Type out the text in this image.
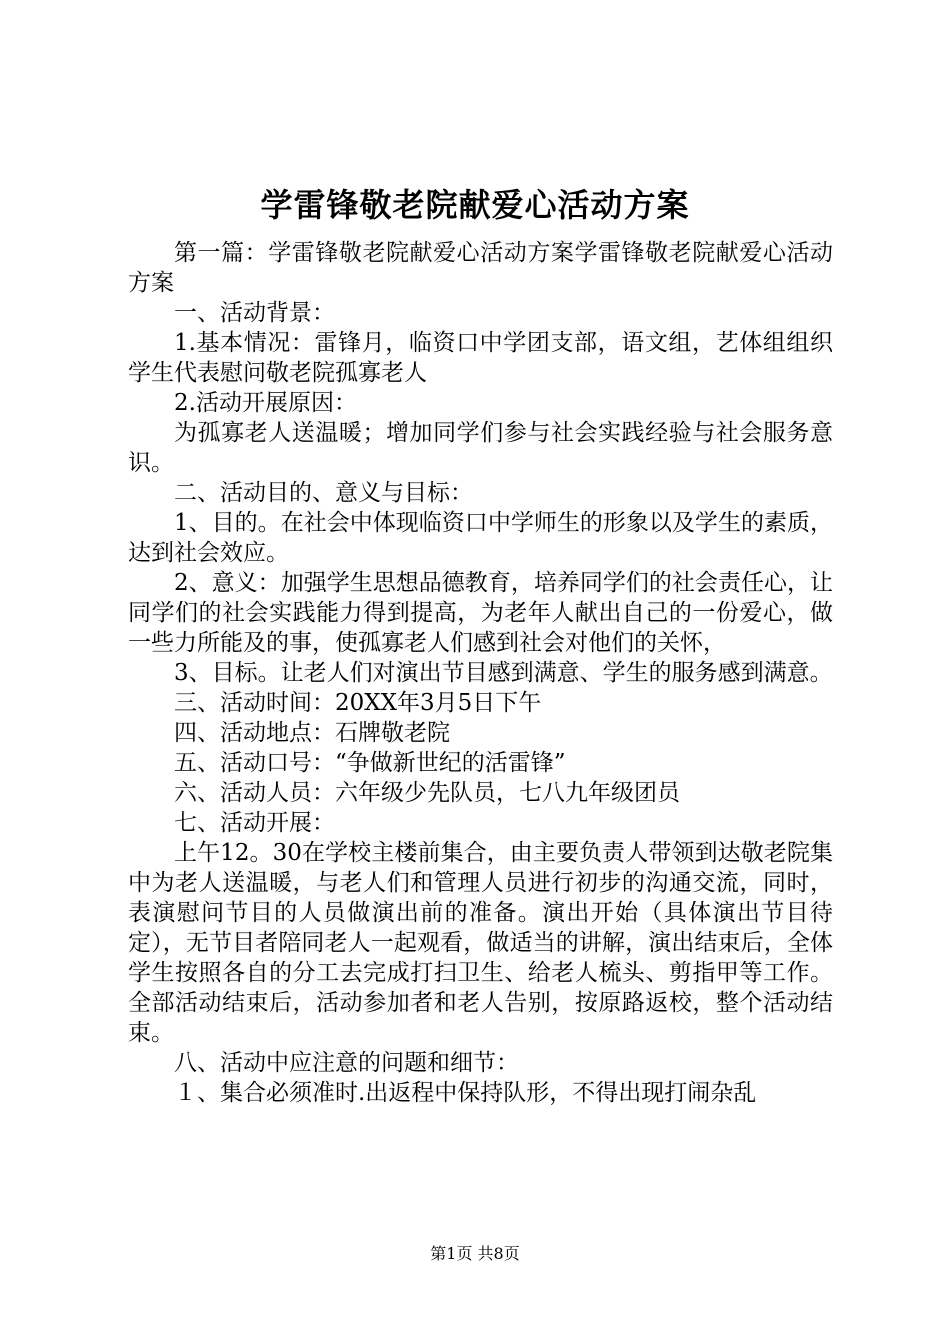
学雷锋敬老院献爱心活动方案

第一篇：学雷锋敬老院献爱心活动方案学雷锋敬老院献爱心活动方案

一、活动背景：

1.基本情况：雷锋月，临资口中学团支部，语文组，艺体组组织学生代表慰问敬老院孤寡老人

2.活动开展原因：

为孤寡老人送温暖；增加同学们参与社会实践经验与社会服务意识。

二、活动目的、意义与目标：

1、目的。在社会中体现临资口中学师生的形象以及学生的素质，达到社会效应。

2、意义：加强学生思想品德教育，培养同学们的社会责任心，让同学们的社会实践能力得到提高，为老年人献出自己的一份爱心，做一些力所能及的事，使孤寡老人们感到社会对他们的关怀，

3、目标。让老人们对演出节目感到满意、学生的服务感到满意。

三、活动时间：20XX年3月5日下午

四、活动地点：石牌敬老院

五、活动口号：“争做新世纪的活雷锋”

六、活动人员：六年级少先队员，七八九年级团员

七、活动开展：

上午12。30在学校主楼前集合，由主要负责人带领到达敬老院集中为老人送温暖，与老人们和管理人员进行初步的沟通交流，同时，表演慰问节目的人员做演出前的准备。演出开始（具体演出节目待定），无节目者陪同老人一起观看，做适当的讲解，演出结束后，全体学生按照各自的分工去完成打扫卫生、给老人梳头、剪指甲等工作。全部活动结束后，活动参加者和老人告别，按原路返校，整个活动结束。

八、活动中应注意的问题和细节：

１、集合必须准时.出返程中保持队形，不得出现打闹杂乱

第1页 共8页
